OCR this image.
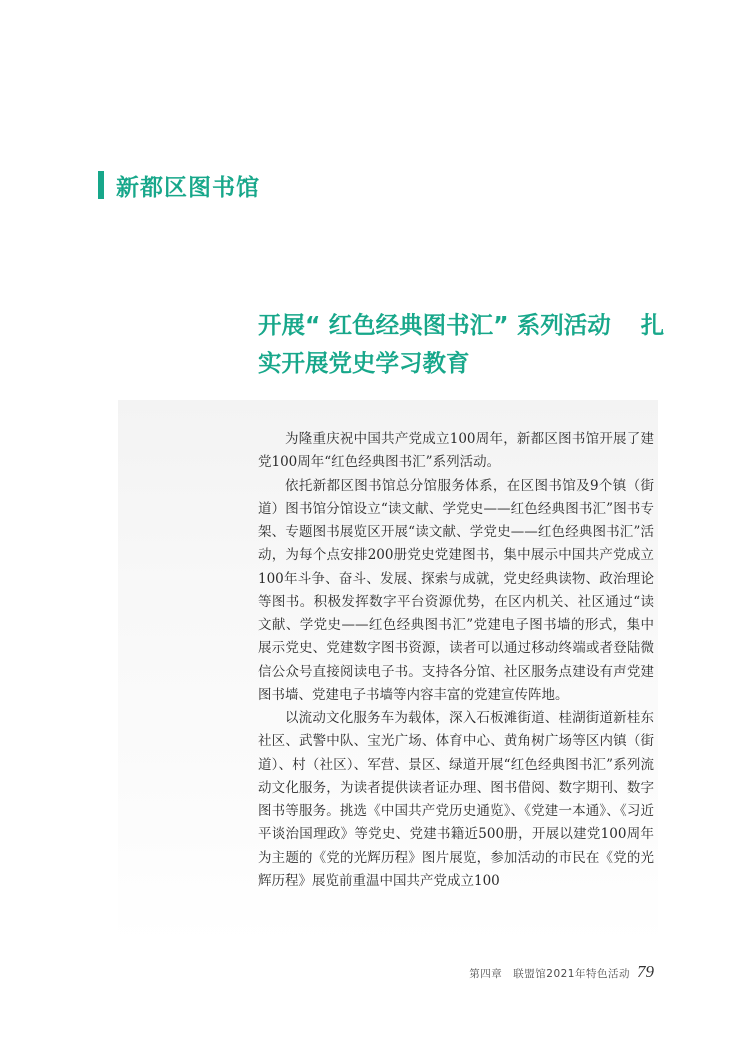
新都区图书馆
开展“ 红色经典图书汇” 系列活动 扎
实开展党史学习教育

为隆重庆祝中国共产党成立100周年，新都区图书馆开展了建党100周年“红色经典图书汇”系列活动。

依托新都区图书馆总分馆服务体系，在区图书馆及9个镇（街道）图书馆分馆设立“读文献、学党史——红色经典图书汇”图书专架、专题图书展览区开展“读文献、学党史——红色经典图书汇”活动，为每个点安排200册党史党建图书，集中展示中国共产党成立100年斗争、奋斗、发展、探索与成就，党史经典读物、政治理论等图书。积极发挥数字平台资源优势，在区内机关、社区通过“读文献、学党史——红色经典图书汇”党建电子图书墙的形式，集中展示党史、党建数字图书资源，读者可以通过移动终端或者登陆微信公众号直接阅读电子书。支持各分馆、社区服务点建设有声党建图书墙、党建电子书墙等内容丰富的党建宣传阵地。

以流动文化服务车为载体，深入石板滩街道、桂湖街道新桂东社区、武警中队、宝光广场、体育中心、黄角树广场等区内镇（街道）、村（社区）、军营、景区、绿道开展“红色经典图书汇”系列流动文化服务，为读者提供读者证办理、图书借阅、数字期刊、数字图书等服务。挑选《中国共产党历史通览》、《党建一本通》、《习近平谈治国理政》等党史、党建书籍近500册，开展以建党100周年为主题的《党的光辉历程》图片展览，参加活动的市民在《党的光辉历程》展览前重温中国共产党成立100

第四章　联盟馆2021年特色活动 79
